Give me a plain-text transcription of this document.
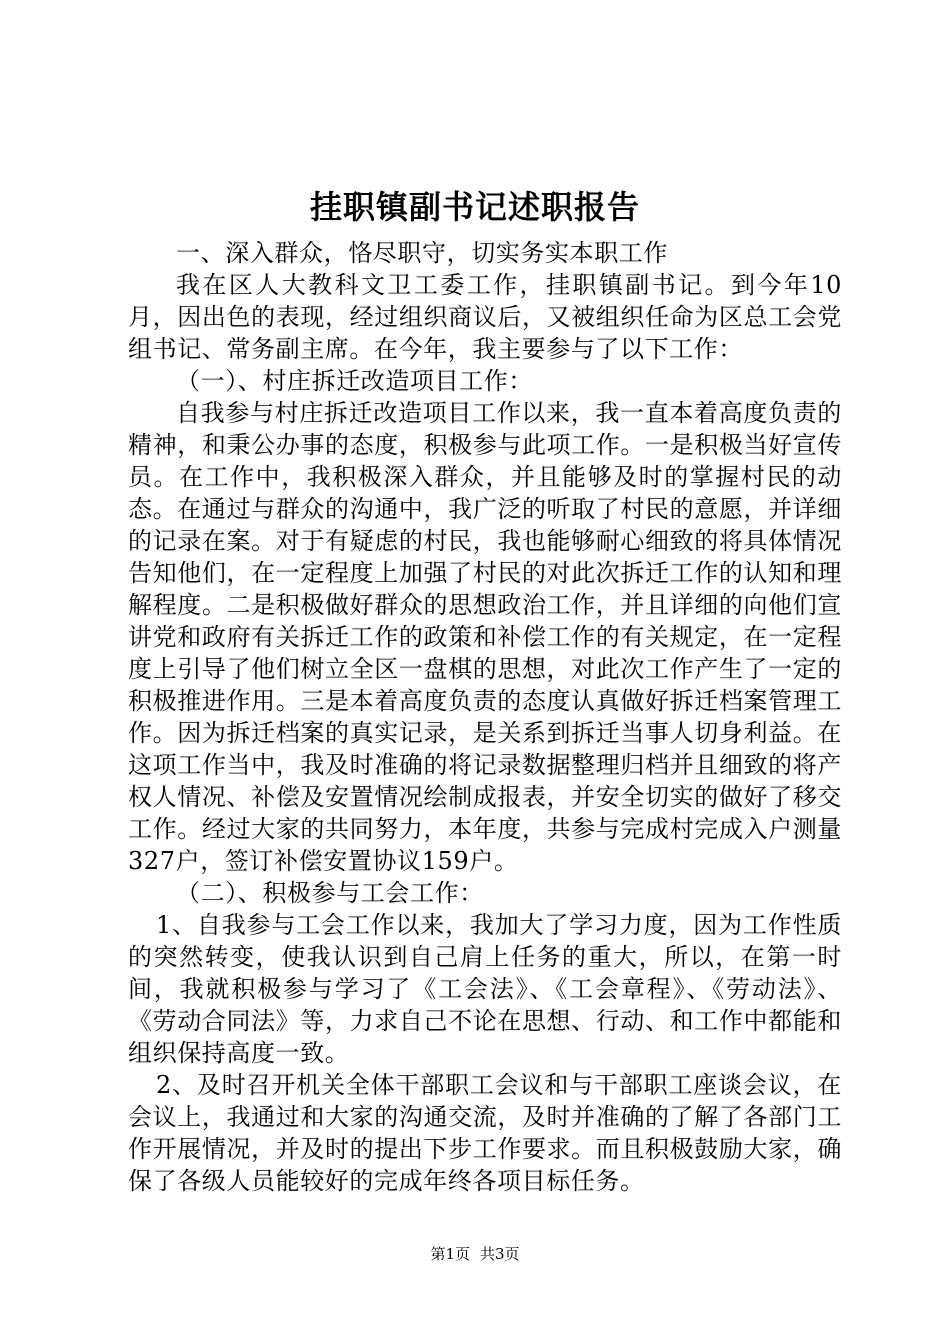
挂职镇副书记述职报告

一、深入群众，恪尽职守，切实务实本职工作

我在区人大教科文卫工委工作，挂职镇副书记。到今年10月，因出色的表现，经过组织商议后，又被组织任命为区总工会党组书记、常务副主席。在今年，我主要参与了以下工作：

（一）、村庄拆迁改造项目工作：

自我参与村庄拆迁改造项目工作以来，我一直本着高度负责的精神，和秉公办事的态度，积极参与此项工作。一是积极当好宣传员。在工作中，我积极深入群众，并且能够及时的掌握村民的动态。在通过与群众的沟通中，我广泛的听取了村民的意愿，并详细的记录在案。对于有疑虑的村民，我也能够耐心细致的将具体情况告知他们，在一定程度上加强了村民的对此次拆迁工作的认知和理解程度。二是积极做好群众的思想政治工作，并且详细的向他们宣讲党和政府有关拆迁工作的政策和补偿工作的有关规定，在一定程度上引导了他们树立全区一盘棋的思想，对此次工作产生了一定的积极推进作用。三是本着高度负责的态度认真做好拆迁档案管理工作。因为拆迁档案的真实记录，是关系到拆迁当事人切身利益。在这项工作当中，我及时准确的将记录数据整理归档并且细致的将产权人情况、补偿及安置情况绘制成报表，并安全切实的做好了移交工作。经过大家的共同努力，本年度，共参与完成村完成入户测量327户，签订补偿安置协议159户。

（二）、积极参与工会工作：

1、自我参与工会工作以来，我加大了学习力度，因为工作性质的突然转变，使我认识到自己肩上任务的重大，所以，在第一时间，我就积极参与学习了《工会法》、《工会章程》、《劳动法》、《劳动合同法》等，力求自己不论在思想、行动、和工作中都能和组织保持高度一致。

2、及时召开机关全体干部职工会议和与干部职工座谈会议，在会议上，我通过和大家的沟通交流，及时并准确的了解了各部门工作开展情况，并及时的提出下步工作要求。而且积极鼓励大家，确保了各级人员能较好的完成年终各项目标任务。

第1页 共3页
